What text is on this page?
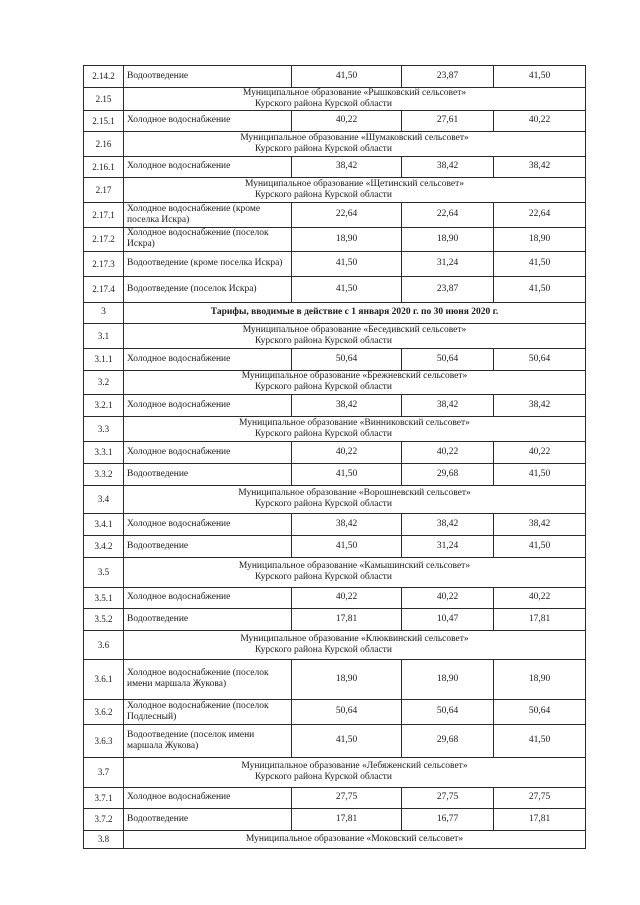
2.14.2	Водоотведение	41,50	23,87	41,50
2.15	Муниципальное образование «Рышковский сельсовет»
Курского района Курской области			

2.15.1	Холодное водоснабжение	40,22	27,61	40,22
2.16	Муниципальное образование «Шумаковский сельсовет»
Курского района Курской области			

2.16.1	Холодное водоснабжение	38,42	38,42	38,42
2.17	Муниципальное образование «Щетинский сельсовет»
Курского района Курской области			

2.17.1	Холодное водоснабжение (кроме поселка Искра)	22,64	22,64	22,64
2.17.2	Холодное водоснабжение (поселок Искра)	18,90	18,90	18,90
2.17.3	Водоотведение (кроме поселка Искра)	41,50	31,24	41,50
2.17.4	Водоотведение (поселок Искра)	41,50	23,87	41,50
3	Тарифы, вводимые в действие с 1 января 2020 г. по 30 июня 2020 г.			
3.1	Муниципальное образование «Беседивский сельсовет»
Курского района Курской области			

3.1.1	Холодное водоснабжение	50,64	50,64	50,64
3.2	Муниципальное образование «Брежневский сельсовет»
Курского района Курской области			

3.2.1	Холодное водоснабжение	38,42	38,42	38,42
3.3	Муниципальное образование «Винниковский сельсовет»
Курского района Курской области			

3.3.1	Холодное водоснабжение	40,22	40,22	40,22
3.3.2	Водоотведение	41,50	29,68	41,50
3.4	Муниципальное образование «Ворошневский сельсовет»
Курского района Курской области			

3.4.1	Холодное водоснабжение	38,42	38,42	38,42
3.4.2	Водоотведение	41,50	31,24	41,50
3.5	Муниципальное образование «Камышинский сельсовет»
Курского района Курской области			

3.5.1	Холодное водоснабжение	40,22	40,22	40,22
3.5.2	Водоотведение	17,81	10,47	17,81
3.6	Муниципальное образование «Клюквинский сельсовет»
Курского района Курской области			

3.6.1	Холодное водоснабжение (поселок имени маршала Жукова)	18,90	18,90	18,90
3.6.2	Холодное водоснабжение (поселок Подлесный)	50,64	50,64	50,64
3.6.3	Водоотведение (поселок имени маршала Жукова)	41,50	29,68	41,50
3.7	Муниципальное образование «Лебяженский сельсовет»
Курского района Курской области			

3.7.1	Холодное водоснабжение	27,75	27,75	27,75
3.7.2	Водоотведение	17,81	16,77	17,81
3.8	Муниципальное образование «Моковский сельсовет»			
